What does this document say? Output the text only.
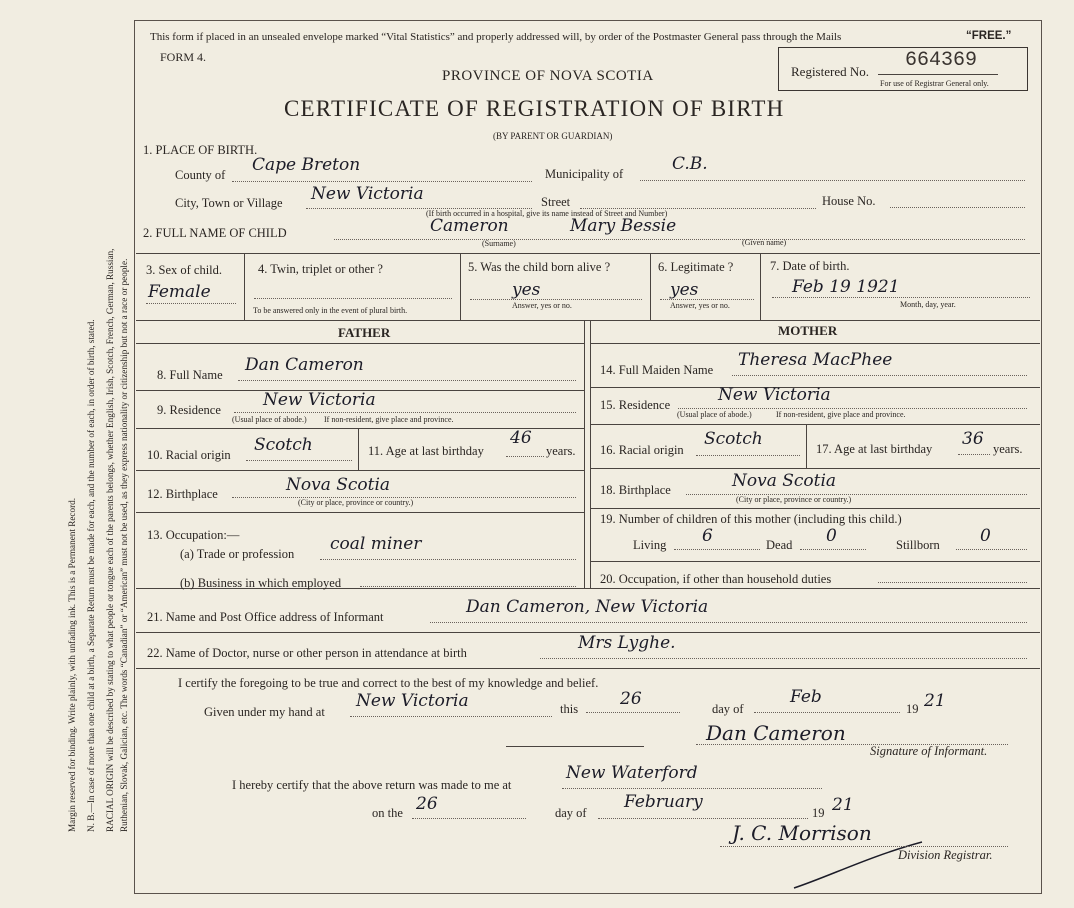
Margin reserved for binding. Write plainly, with unfading ink. This is a Permanent Record. N. B.—In case of more than one child at a birth, a Separate Return must be made for each, and the number of each, in order of birth, stated. RACIAL ORIGIN will be described by stating to what people or tongue each of the parents belongs, whether English, Irish, Scotch, French, German, Russian, Ruthenian, Slovak, Galician, etc. The words “Canadian” or “American” must not be used, as they express nationality or citizenship but not a race or people.
This form if placed in an unsealed envelope marked “Vital Statistics” and properly addressed will, by order of the Postmaster General pass through the Mails	“FREE.”
FORM 4.
PROVINCE OF NOVA SCOTIA
CERTIFICATE OF REGISTRATION OF BIRTH
(BY PARENT OR GUARDIAN)
Registered No. 664369
For use of Registrar General only.
1. PLACE OF BIRTH.
County of Cape Breton	Municipality of	C.B.
City, Town or Village New Victoria	Street	House No.
(If birth occurred in a hospital, give its name instead of Street and Number)
2. FULL NAME OF CHILD	Cameron	Mary Bessie
(Surname)	(Given name)
3. Sex of child.
Female
4. Twin, triplet or other ?
To be answered only in the event of plural birth.
5. Was the child born alive ?
yes
Answer, yes or no.
6. Legitimate ?
yes
Answer, yes or no.
7. Date of birth.
Feb 19 1921
Month, day, year.
FATHER	MOTHER
8. Full Name Dan Cameron
9. Residence New Victoria
(Usual place of abode.) If non-resident, give place and province.
10. Racial origin Scotch	11. Age at last birthday
46
years.
12. Birthplace	Nova Scotia
(City or place, province or country.)
13. Occupation:—
(a) Trade or profession coal miner
(b) Business in which employed
14. Full Maiden Name Theresa MacPhee
15. Residence	New Victoria
(Usual place of abode.)	If non-resident, give place and province.
16. Racial origin
Scotch	17. Age at last birthday 36 years.
18. Birthplace	Nova Scotia
(City or place, province or country.)
19. Number of children of this mother (including this child.)
Living 6	Dead 0	Stillborn 0
20. Occupation, if other than household duties
21. Name and Post Office address of Informant	Dan Cameron, New Victoria
22. Name of Doctor, nurse or other person in attendance at birth	Mrs Lyghe.
I certify the foregoing to be true and correct to the best of my knowledge and belief.
Given under my hand at
New Victoria	this 26	day of
Feb
19 21
Dan Cameron
Signature of Informant.
I hereby certify that the above return was made to me at
New Waterford
on the 26	day of
February
19 21
J. C. Morrison
Division Registrar.
